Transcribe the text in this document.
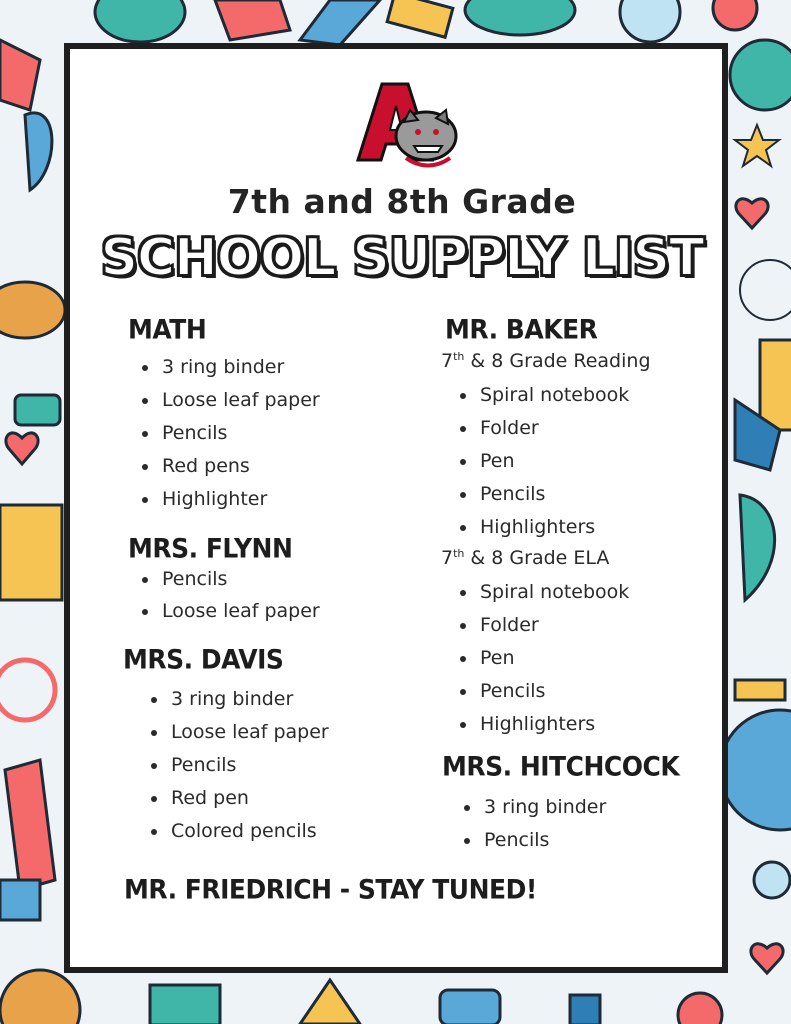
7th and 8th Grade
SCHOOL SUPPLY LIST
MATH
3 ring binder
Loose leaf paper
Pencils
Red pens
Highlighter
MRS. FLYNN
Pencils
Loose leaf paper
MRS. DAVIS
3 ring binder
Loose leaf paper
Pencils
Red pen
Colored pencils
MR. FRIEDRICH - STAY TUNED!
MR. BAKER
7th & 8 Grade Reading
Spiral notebook
Folder
Pen
Pencils
Highlighters
7th & 8 Grade ELA
Spiral notebook
Folder
Pen
Pencils
Highlighters
MRS. HITCHCOCK
3 ring binder
Pencils
